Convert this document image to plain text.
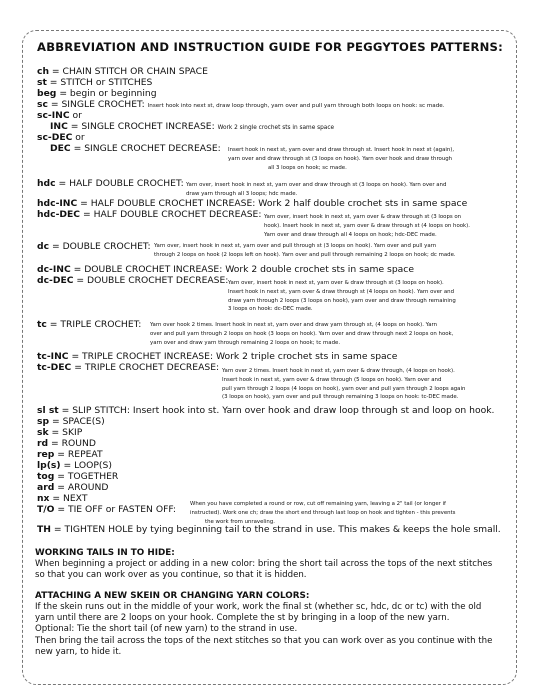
ABBREVIATION AND INSTRUCTION GUIDE FOR PEGGYTOES PATTERNS:
ch = CHAIN STITCH OR CHAIN SPACE
st = STITCH or STITCHES
beg = begin or beginning
sc = SINGLE CROCHET: Insert hook into next st, draw loop through, yarn over and pull yarn through both loops on hook: sc made.
sc-INC or
INC = SINGLE CROCHET INCREASE: Work 2 single crochet sts in same space
sc-DEC or
DEC = SINGLE CROCHET DECREASE: Insert hook in next st, yarn over and draw through st. Insert hook in next st (again),
yarn over and draw through st (3 loops on hook). Yarn over hook and draw through
all 3 loops on hook; sc made.
hdc = HALF DOUBLE CROCHET: Yarn over, insert hook in next st, yarn over and draw through st (3 loops on hook). Yarn over and
draw yarn through all 3 loops; hdc made.
hdc-INC = HALF DOUBLE CROCHET INCREASE: Work 2 half double crochet sts in same space
hdc-DEC = HALF DOUBLE CROCHET DECREASE: Yarn over, insert hook in next st, yarn over & draw through st (3 loops on
hook). Insert hook in next st, yarn over & draw through st (4 loops on hook).
Yarn over and draw through all 4 loops on hook; hdc-DEC made.
dc = DOUBLE CROCHET: Yarn over, insert hook in next st, yarn over and pull through st (3 loops on hook). Yarn over and pull yarn
through 2 loops on hook (2 loops left on hook). Yarn over and pull through remaining 2 loops on hook; dc made.
dc-INC = DOUBLE CROCHET INCREASE: Work 2 double crochet sts in same space
dc-DEC = DOUBLE CROCHET DECREASE: Yarn over, insert hook in next st, yarn over & draw through st (3 loops on hook).
Insert hook in next st, yarn over & draw through st (4 loops on hook). Yarn over and
draw yarn through 2 loops (3 loops on hook), yarn over and draw through remaining
3 loops on hook: dc-DEC made.
tc = TRIPLE CROCHET: Yarn over hook 2 times. Insert hook in next st, yarn over and draw yarn through st, (4 loops on hook). Yarn
over and pull yarn through 2 loops on hook (3 loops on hook). Yarn over and draw through next 2 loops on hook,
yarn over and draw yarn through remaining 2 loops on hook; tc made.
tc-INC = TRIPLE CROCHET INCREASE: Work 2 triple crochet sts in same space
tc-DEC = TRIPLE CROCHET DECREASE: Yarn over 2 times. Insert hook in next st, yarn over & draw through, (4 loops on hook).
Insert hook in next st, yarn over & draw through (5 loops on hook). Yarn over and
pull yarn through 2 loops (4 loops on hook), yarn over and pull yarn through 2 loops again
(3 loops on hook), yarn over and pull through remaining 3 loops on hook: tc-DEC made.
sl st = SLIP STITCH: Insert hook into st. Yarn over hook and draw loop through st and loop on hook.
sp = SPACE(S)
sk = SKIP
rd = ROUND
rep = REPEAT
lp(s) = LOOP(S)
tog = TOGETHER
ard = AROUND
nx = NEXT
T/O = TIE OFF or FASTEN OFF:	When you have completed a round or row, cut off remaining yarn, leaving a 2" tail (or longer if
instructed). Work one ch; draw the short end through last loop on hook and tighten - this prevents
the work from unraveling.
TH = TIGHTEN HOLE by tying beginning tail to the strand in use. This makes & keeps the hole small.
WORKING TAILS IN TO HIDE:
When beginning a project or adding in a new color: bring the short tail across the tops of the next stitches
so that you can work over as you continue, so that it is hidden.
ATTACHING A NEW SKEIN OR CHANGING YARN COLORS:
If the skein runs out in the middle of your work, work the final st (whether sc, hdc, dc or tc) with the old
yarn until there are 2 loops on your hook. Complete the st by bringing in a loop of the new yarn.
Optional: Tie the short tail (of new yarn) to the strand in use.
Then bring the tail across the tops of the next stitches so that you can work over as you continue with the
new yarn, to hide it.
